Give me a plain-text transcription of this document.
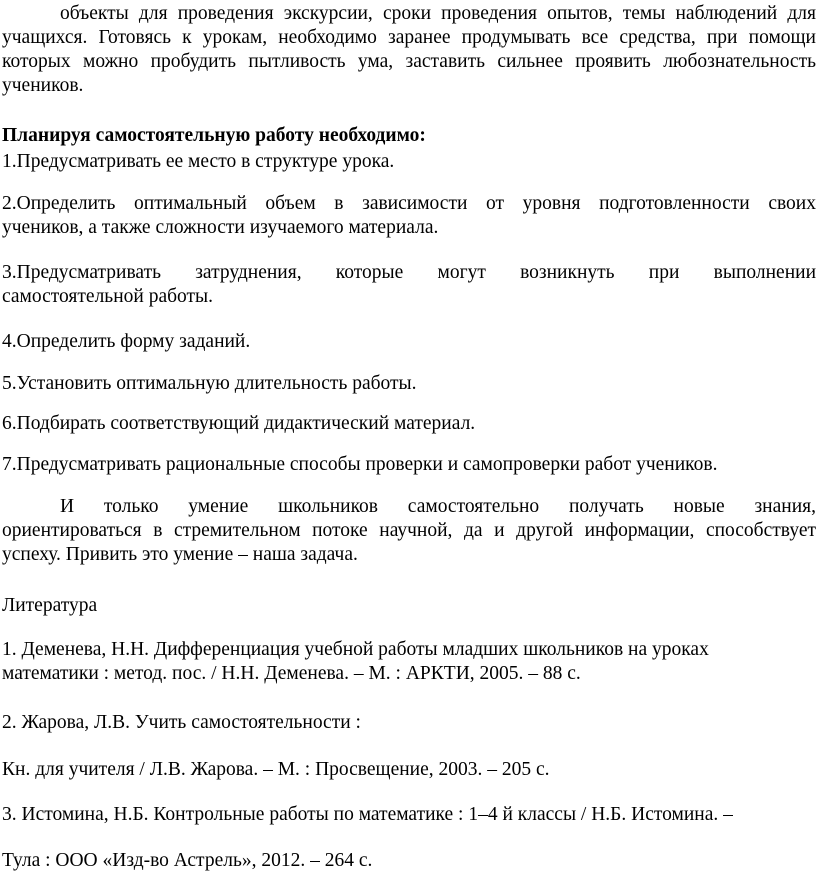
объекты для проведения экскурсии, сроки проведения опытов, темы наблюдений для
учащихся. Готовясь к урокам, необходимо заранее продумывать все средства, при помощи
которых можно пробудить пытливость ума, заставить сильнее проявить любознательность
учеников.
Планируя самостоятельную работу необходимо:
1.Предусматривать ее место в структуре урока.
2.Определить оптимальный объем в зависимости от уровня подготовленности своих
учеников, а также сложности изучаемого материала.
3.Предусматривать затруднения, которые могут возникнуть при выполнении
самостоятельной работы.
4.Определить форму заданий.
5.Установить оптимальную длительность работы.
6.Подбирать соответствующий дидактический материал.
7.Предусматривать рациональные способы проверки и самопроверки работ учеников.
И только умение школьников самостоятельно получать новые знания,
ориентироваться в стремительном потоке научной, да и другой информации, способствует
успеху. Привить это умение – наша задача.
Литература
1. Деменева, Н.Н. Дифференциация учебной работы младших школьников на уроках
математики : метод. пос. / Н.Н. Деменева. – М. : АРКТИ, 2005. – 88 с.
2. Жарова, Л.В. Учить самостоятельности :
Кн. для учителя / Л.В. Жарова. – М. : Просвещение, 2003. – 205 с.
3. Истомина, Н.Б. Контрольные работы по математике : 1–4 й классы / Н.Б. Истомина. –
Тула : ООО «Изд-во Астрель», 2012. – 264 с.
